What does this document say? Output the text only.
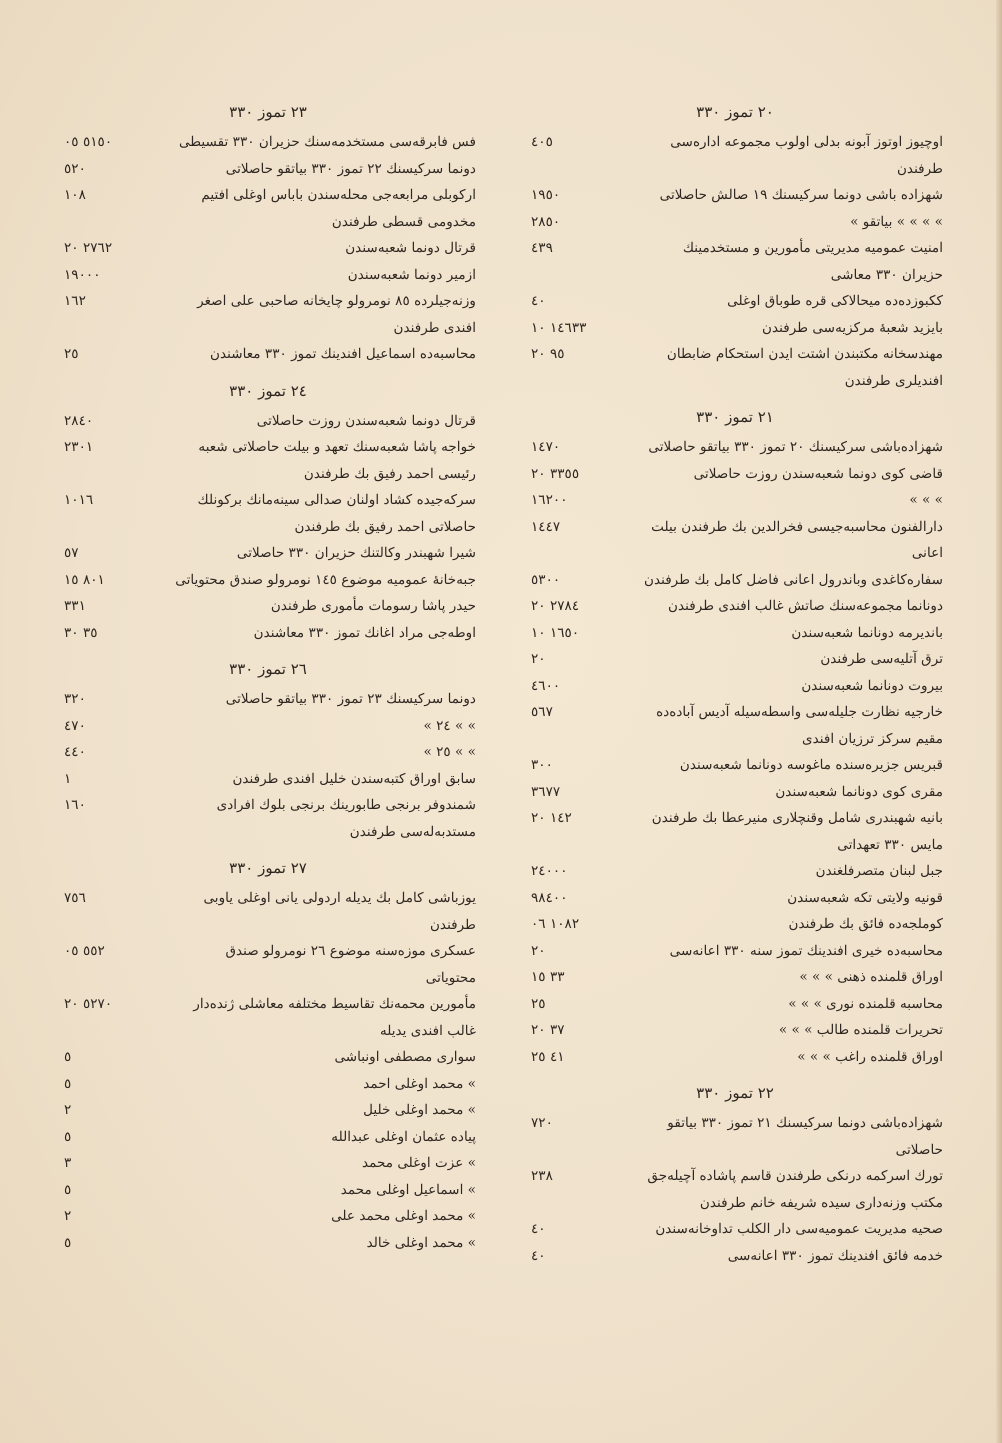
٢٣ تموز ٣٣٠
فس فابرقه‌سی مستخدمه‌سنك حزیران ٣٣٠ تقسیطی
٥١٥٠ ٠٥
دونما سرکیسنك ٢٢ تموز ٣٣٠ بیاتقو حاصلاتی
٥٢٠
ارکوبلی مرابعه‌جی محله‌سندن باباس اوغلی افتیم مخدومی قسطی طرفندن
١٠٨
قرتال دونما شعبه‌سندن
٢٧٦٢ ٢٠
ازمیر دونما شعبه‌سندن
١٩٠٠٠
وزنه‌جیلرده ٨٥ نومرولو چایخانه صاحبی علی اصغر افندی طرفندن
١٦٢
محاسبه‌ده اسماعیل افندینك تموز ٣٣٠ معاشندن
٢٥
٢٤ تموز ٣٣٠
قرتال دونما شعبه‌سندن روزت حاصلاتی
٢٨٤٠
خواجه پاشا شعبه‌سنك تعهد و بیلت حاصلاتی شعبه رئیسی احمد رفیق بك طرفندن
٢٣٠١
سرکه‌جیده کشاد اولنان صدالی سینه‌مانك برکونلك حاصلاتی احمد رفیق بك طرفندن
١٠١٦
شیرا شهبندر وکالتنك حزیران ٣٣٠ حاصلاتی
٥٧
جبه‌خانهٔ عمومیه موضوع ١٤٥ نومرولو صندق محتویاتی
٨٠١ ١٥
حیدر پاشا رسومات مأموری طرفندن
٣٣١
اوطه‌جی مراد اغانك تموز ٣٣٠ معاشندن
٣٥ ٣٠
٢٦ تموز ٣٣٠
دونما سرکیسنك ٢٣ تموز ٣٣٠ بیاتقو حاصلاتی
٣٢٠
» » ٢٤ »
٤٧٠
» » ٢٥ »
٤٤٠
سابق اوراق کتبه‌سندن خلیل افندی طرفندن
١
شمندوفر برنجی طابورینك برنجی بلوك افرادی مستدبه‌له‌سی طرفندن
١٦٠
٢٧ تموز ٣٣٠
یوزباشی کامل بك یدیله اردولی یانی اوغلی یاوبی طرفندن
٧٥٦
عسکری موزه‌سنه موضوع ٢٦ نومرولو صندق محتویاتی
٥٥٢ ٠٥
مأمورین محمه‌نك تقاسیط مختلفه معاشلی ژنده‌دار غالب افندی یدیله
٥٢٧٠ ٢٠
سواری مصطفی اونباشی
٥
» محمد اوغلی احمد
٥
» محمد اوغلی خلیل
٢
پیاده عثمان اوغلی عبدالله
٥
» عزت اوغلی محمد
٣
» اسماعیل اوغلی محمد
٥
» محمد اوغلی محمد علی
٢
» محمد اوغلی خالد
٥
٢٠ تموز ٣٣٠
اوچیوز اوتوز آبونه بدلی اولوب مجموعه اداره‌سی طرفندن
٤٠٥
شهزاده باشی دونما سرکیسنك ١٩ صالش حاصلاتی
١٩٥٠
» » » » بیاتقو »
٢٨٥٠
امنیت عمومیه مدیریتی مأمورین و مستخدمینك حزیران ٣٣٠ معاشی
٤٣٩
ککبوزده‌ده میحالاکی قره طوباق اوغلی
٤٠
بایزید شعبهٔ مرکزیه‌سی طرفندن
١٤٦٣٣ ١٠
مهندسخانه مکتبندن اشتت ایدن استحکام ضابطان افندیلری طرفندن
٩٥ ٢٠
٢١ تموز ٣٣٠
شهزاده‌باشی سرکیسنك ٢٠ تموز ٣٣٠ بیاتقو حاصلاتی
١٤٧٠
قاضی کوی دونما شعبه‌سندن روزت حاصلاتی
٣٣٥٥ ٢٠
» » »
١٦٢٠٠
دارالفنون محاسبه‌جیسی فخرالدین بك طرفندن بیلت اعانی
١٤٤٧
سفاره‌کاغدی وباندرول اعانی فاضل کامل بك طرفندن
٥٣٠٠
دونانما مجموعه‌سنك صاتش غالب افندی طرفندن
٢٧٨٤ ٢٠
باندیرمه دونانما شعبه‌سندن
١٦٥٠ ١٠
ترق آتلیه‌سی طرفندن
٢٠
بیروت دونانما شعبه‌سندن
٤٦٠٠
خارجیه نظارت جلیله‌سی واسطه‌سیله آدیس آباده‌ده مقیم سرکز ترزیان افندی
٥٦٧
قبریس جزیره‌سنده ماغوسه دونانما شعبه‌سندن
٣٠٠
مقری کوی دونانما شعبه‌سندن
٣٦٧٧
بانیه شهبندری شامل وقنچلاری منیرعطا بك طرفندن مایس ٣٣٠ تعهداتی
١٤٢ ٢٠
جبل لبنان متصرفلغندن
٢٤٠٠٠
قونیه ولایتی تکه شعبه‌سندن
٩٨٤٠٠
کوملجه‌ده فائق بك طرفندن
١٠٨٢ ٠٦
محاسبه‌ده خیری افندینك تموز سنه ٣٣٠ اعانه‌سی
٢٠
اوراق قلمنده ذهنی » » »
٣٣ ١٥
محاسبه قلمنده نوری » » »
٢٥
تحریرات قلمنده طالب » » »
٣٧ ٢٠
اوراق قلمنده راغب » » »
٤١ ٢٥
٢٢ تموز ٣٣٠
شهزاده‌باشی دونما سرکیسنك ٢١ تموز ٣٣٠ بیاتقو حاصلاتی
٧٢٠
تورك اسرکمه درنکی طرفندن قاسم پاشاده آچیله‌جق مکتب وزنه‌داری سیده شریفه خانم طرفندن
٢٣٨
صحیه مدیریت عمومیه‌سی دار الکلب تداوخانه‌سندن
٤٠
خدمه فائق افندینك تموز ٣٣٠ اعانه‌سی
٤٠
